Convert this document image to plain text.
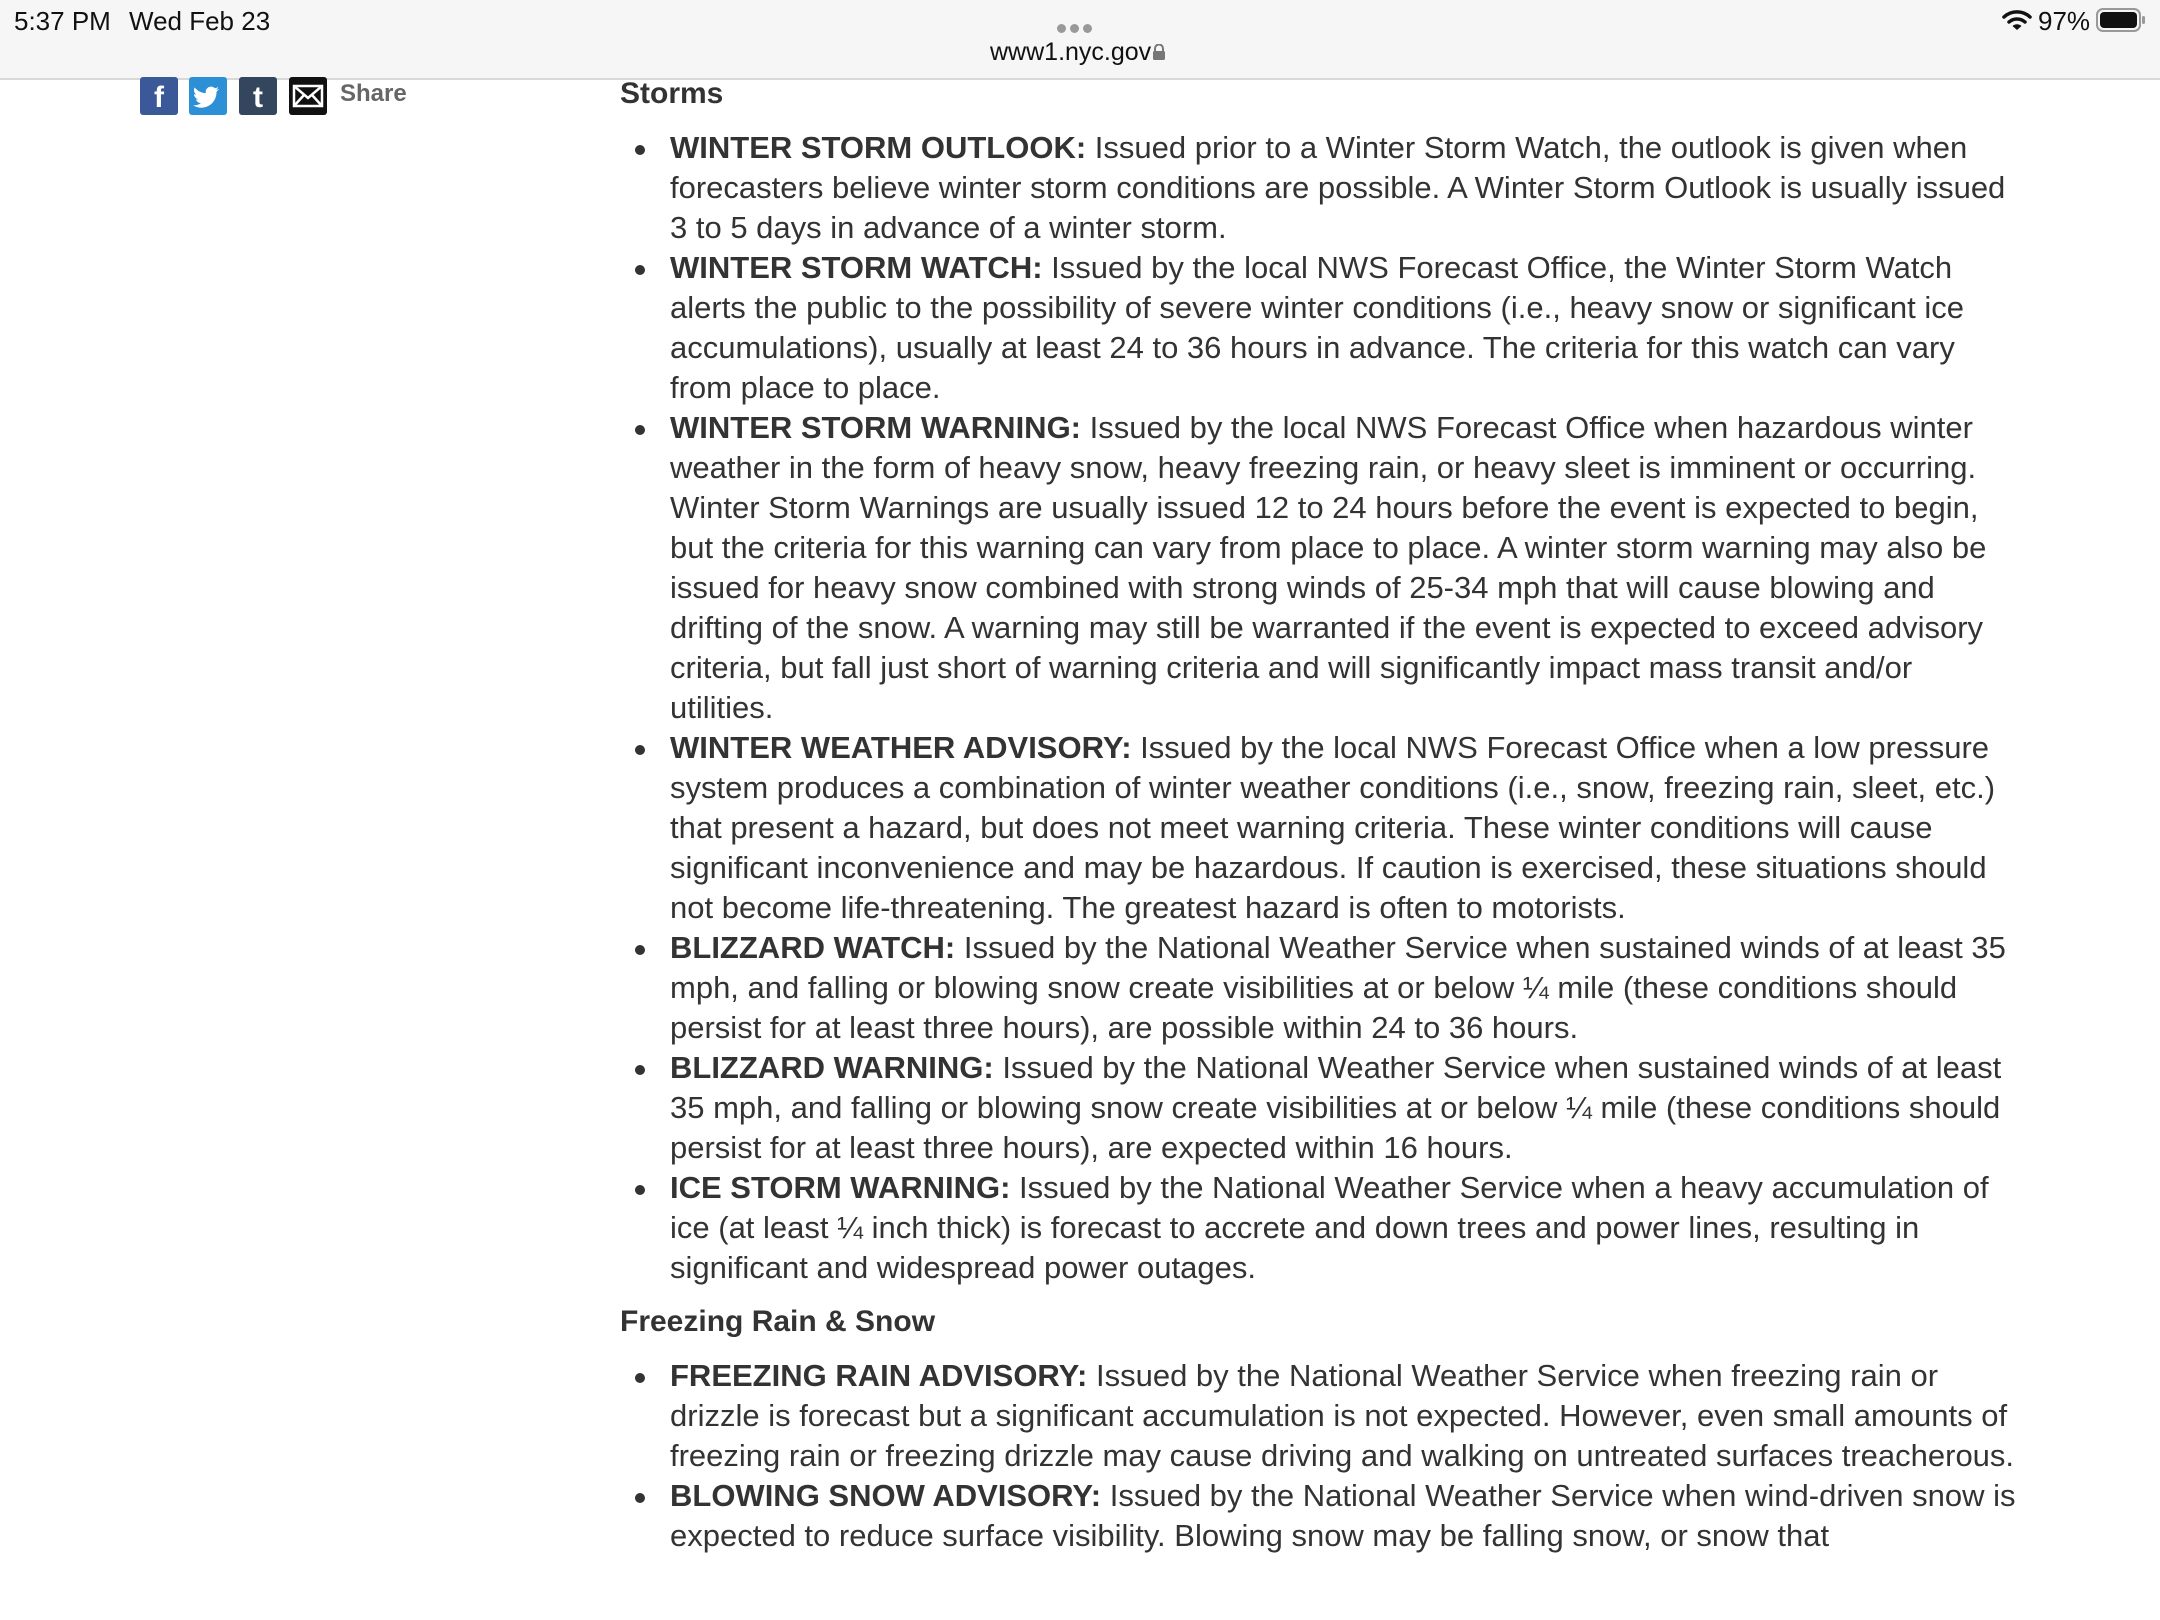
5:37 PM Wed Feb 23
www1.nyc.gov
97%
f	t	Share	Storms
WINTER STORM OUTLOOK: Issued prior to a Winter Storm Watch, the outlook is given when forecasters believe winter storm conditions are possible. A Winter Storm Outlook is usually issued 3 to 5 days in advance of a winter storm.
WINTER STORM WATCH: Issued by the local NWS Forecast Office, the Winter Storm Watch alerts the public to the possibility of severe winter conditions (i.e., heavy snow or significant ice accumulations), usually at least 24 to 36 hours in advance. The criteria for this watch can vary from place to place.
WINTER STORM WARNING: Issued by the local NWS Forecast Office when hazardous winter weather in the form of heavy snow, heavy freezing rain, or heavy sleet is imminent or occurring. Winter Storm Warnings are usually issued 12 to 24 hours before the event is expected to begin, but the criteria for this warning can vary from place to place. A winter storm warning may also be issued for heavy snow combined with strong winds of 25-34 mph that will cause blowing and drifting of the snow. A warning may still be warranted if the event is expected to exceed advisory criteria, but fall just short of warning criteria and will significantly impact mass transit and/or utilities.
WINTER WEATHER ADVISORY: Issued by the local NWS Forecast Office when a low pressure system produces a combination of winter weather conditions (i.e., snow, freezing rain, sleet, etc.) that present a hazard, but does not meet warning criteria. These winter conditions will cause significant inconvenience and may be hazardous. If caution is exercised, these situations should not become life-threatening. The greatest hazard is often to motorists.
BLIZZARD WATCH: Issued by the National Weather Service when sustained winds of at least 35 mph, and falling or blowing snow create visibilities at or below ¼ mile (these conditions should persist for at least three hours), are possible within 24 to 36 hours.
BLIZZARD WARNING: Issued by the National Weather Service when sustained winds of at least 35 mph, and falling or blowing snow create visibilities at or below ¼ mile (these conditions should persist for at least three hours), are expected within 16 hours.
ICE STORM WARNING: Issued by the National Weather Service when a heavy accumulation of ice (at least ¼ inch thick) is forecast to accrete and down trees and power lines, resulting in significant and widespread power outages.
Freezing Rain & Snow
FREEZING RAIN ADVISORY: Issued by the National Weather Service when freezing rain or drizzle is forecast but a significant accumulation is not expected. However, even small amounts of freezing rain or freezing drizzle may cause driving and walking on untreated surfaces treacherous.
BLOWING SNOW ADVISORY: Issued by the National Weather Service when wind-driven snow is expected to reduce surface visibility. Blowing snow may be falling snow, or snow that
